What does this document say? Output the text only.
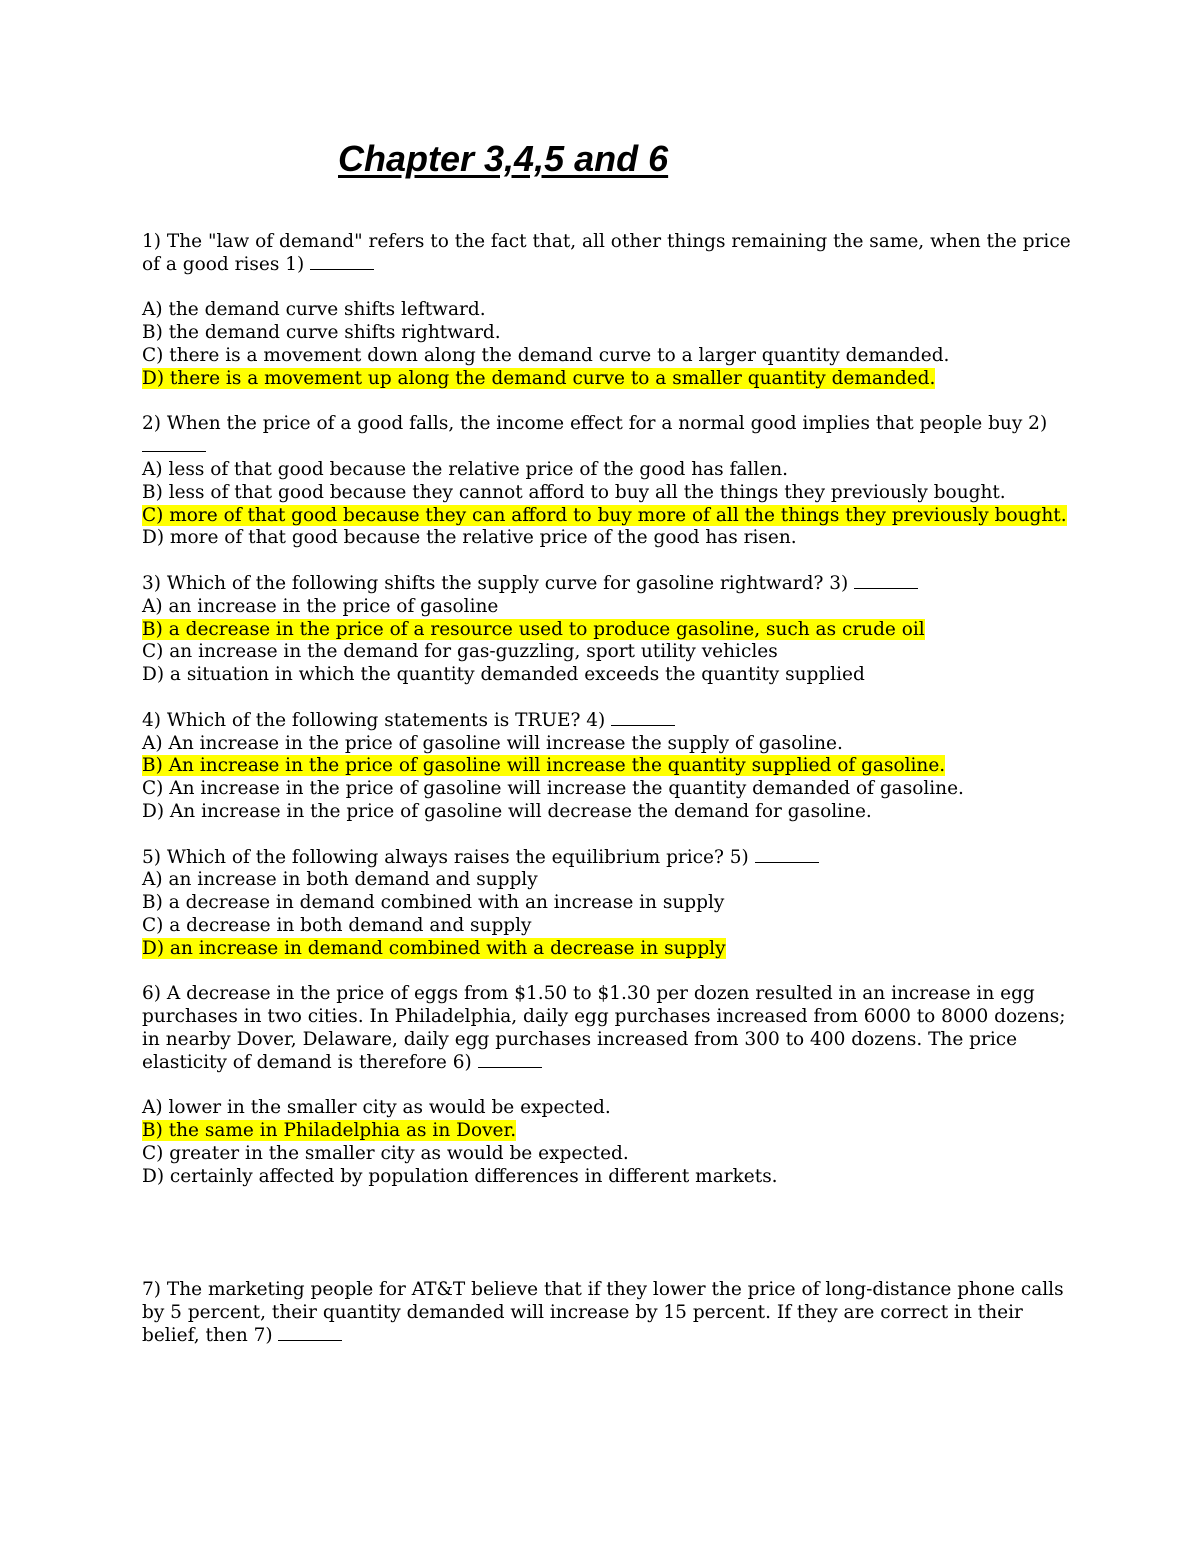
Chapter 3,4,5 and 6

1) The "law of demand" refers to the fact that, all other things remaining the same, when the price of a good rises 1)

A) the demand curve shifts leftward.
B) the demand curve shifts rightward.
C) there is a movement down along the demand curve to a larger quantity demanded.
D) there is a movement up along the demand curve to a smaller quantity demanded.

2) When the price of a good falls, the income effect for a normal good implies that people buy 2)

A) less of that good because the relative price of the good has fallen.
B) less of that good because they cannot afford to buy all the things they previously bought.
C) more of that good because they can afford to buy more of all the things they previously bought.
D) more of that good because the relative price of the good has risen.

3) Which of the following shifts the supply curve for gasoline rightward? 3)

A) an increase in the price of gasoline
B) a decrease in the price of a resource used to produce gasoline, such as crude oil
C) an increase in the demand for gas-guzzling, sport utility vehicles
D) a situation in which the quantity demanded exceeds the quantity supplied

4) Which of the following statements is TRUE? 4)

A) An increase in the price of gasoline will increase the supply of gasoline.
B) An increase in the price of gasoline will increase the quantity supplied of gasoline.
C) An increase in the price of gasoline will increase the quantity demanded of gasoline.
D) An increase in the price of gasoline will decrease the demand for gasoline.

5) Which of the following always raises the equilibrium price? 5)

A) an increase in both demand and supply
B) a decrease in demand combined with an increase in supply
C) a decrease in both demand and supply
D) an increase in demand combined with a decrease in supply

6) A decrease in the price of eggs from $1.50 to $1.30 per dozen resulted in an increase in egg purchases in two cities. In Philadelphia, daily egg purchases increased from 6000 to 8000 dozens; in nearby Dover, Delaware, daily egg purchases increased from 300 to 400 dozens. The price elasticity of demand is therefore 6)

A) lower in the smaller city as would be expected.
B) the same in Philadelphia as in Dover.
C) greater in the smaller city as would be expected.
D) certainly affected by population differences in different markets.

7) The marketing people for AT&T believe that if they lower the price of long-distance phone calls by 5 percent, their quantity demanded will increase by 15 percent. If they are correct in their belief, then 7)
